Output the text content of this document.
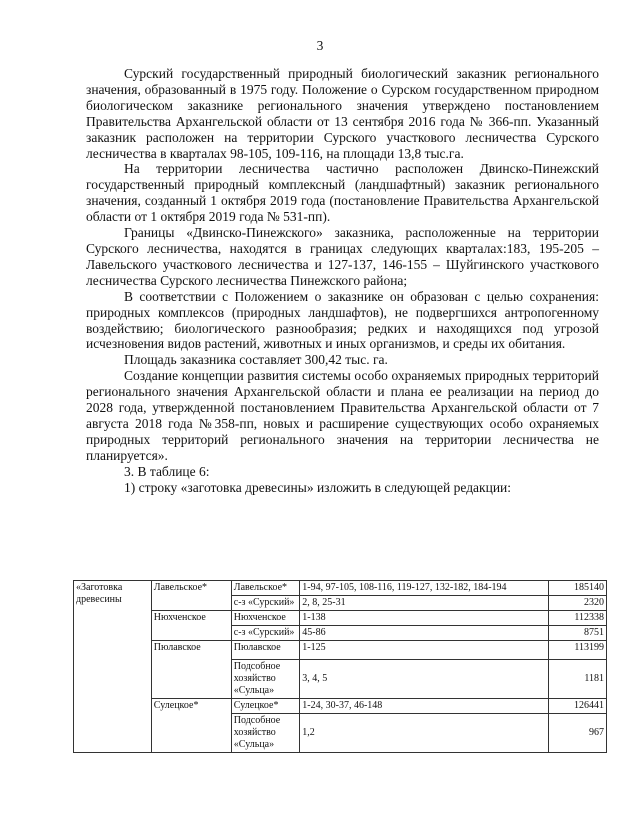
3

Сурский государственный природный биологический заказник регионального значения, образованный в 1975 году. Положение о Сурском государственном природном биологическом заказнике регионального значения утверждено постановлением Правительства Архангельской области от 13 сентября 2016 года № 366-пп. Указанный заказник расположен на территории Сурского участкового лесничества Сурского лесничества в кварталах 98-105, 109-116, на площади 13,8 тыс.га.

На территории лесничества частично расположен Двинско-Пинежский государственный природный комплексный (ландшафтный) заказник регионального значения, созданный 1 октября 2019 года (постановление Правительства Архангельской области от 1 октября 2019 года № 531-пп).

Границы «Двинско-Пинежского» заказника, расположенные на территории Сурского лесничества, находятся в границах следующих кварталах:183, 195-205 – Лавельского участкового лесничества и 127-137, 146-155 – Шуйгинского участкового лесничества Сурского лесничества Пинежского района;

В соответствии с Положением о заказнике он образован с целью сохранения: природных комплексов (природных ландшафтов), не подвергшихся антропогенному воздействию; биологического разнообразия; редких и находящихся под угрозой исчезновения видов растений, животных и иных организмов, и среды их обитания.

Площадь заказника составляет 300,42 тыс. га.

Создание концепции развития системы особо охраняемых природных территорий регионального значения Архангельской области и плана ее реализации на период до 2028 года, утвержденной постановлением Правительства Архангельской области от 7 августа 2018 года №358-пп, новых и расширение существующих особо охраняемых природных территорий регионального значения на территории лесничества не планируется».

3. В таблице 6:

1) строку «заготовка древесины» изложить в следующей редакции:

«Заготовка древесины	Лавельское*	Лавельское*	1-94, 97-105, 108-116, 119-127, 132-182, 184-194	185140
		с-з «Сурский»	2, 8, 25-31	2320
	Нюхченское	Нюхченское	1-138	112338
		с-з «Сурский»	45-86	8751
	Пюлавское	Пюлавское	1-125	113199
		Подсобное хозяйство «Сульца»	3, 4, 5	1181
	Сулецкое*	Сулецкое*	1-24, 30-37, 46-148	126441
		Подсобное хозяйство «Сульца»	1,2	967
